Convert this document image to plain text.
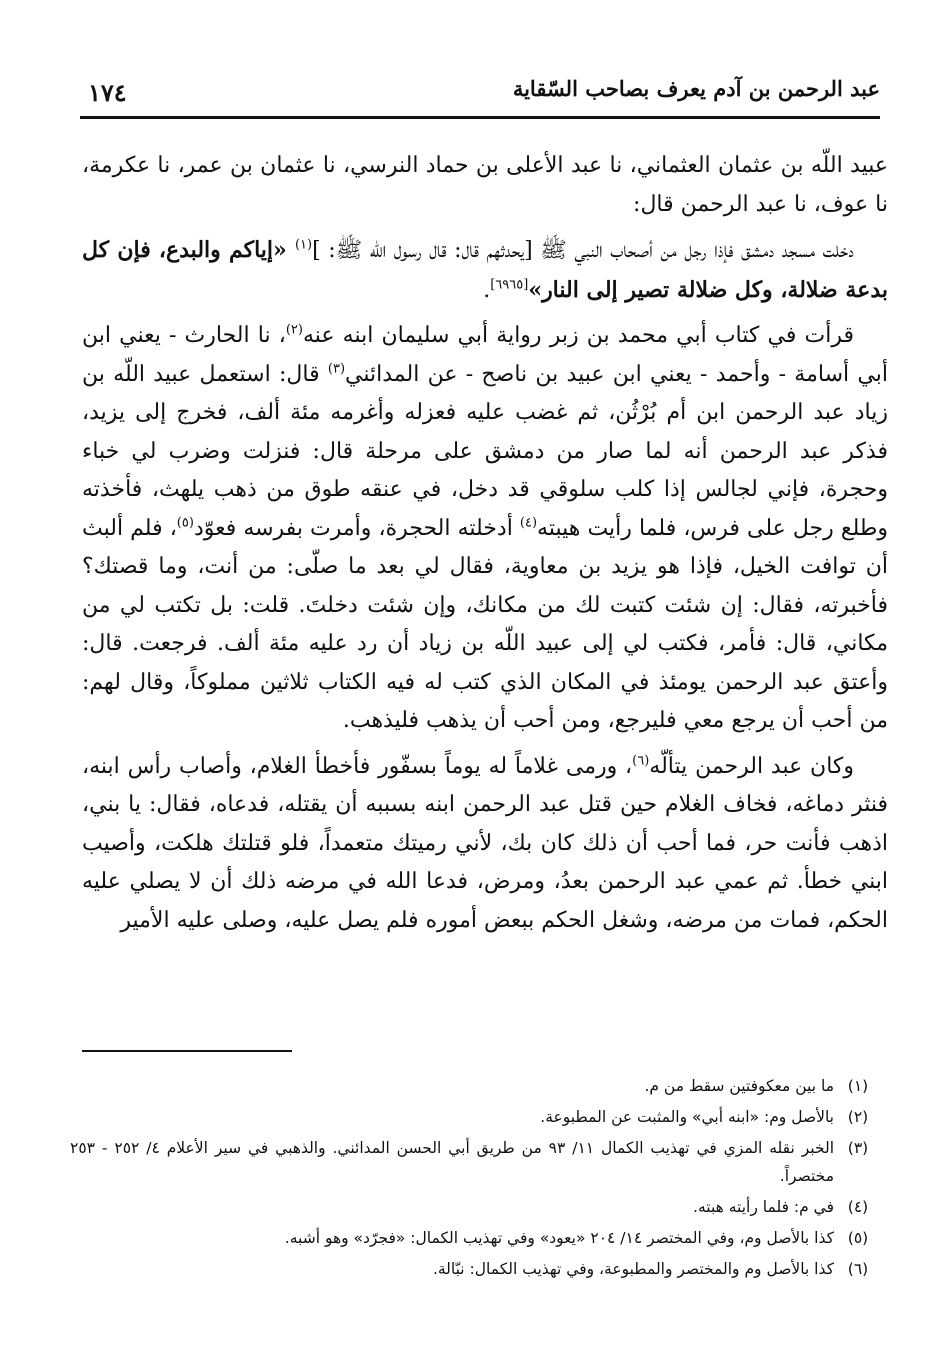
عبد الرحمن بن آدم يعرف بصاحب السّقاية
١٧٤

عبيد اللّه بن عثمان العثماني، نا عبد الأعلى بن حماد النرسي، نا عثمان بن عمر، نا عكرمة، نا عوف، نا عبد الرحمن قال:

دخلت مسجد دمشق فإذا رجل من أصحاب النبي ﷺ [يحدثهم قال: قال رسول الله ﷺ: ]$^{(١)}$ «إياكم والبدع، فإن كل بدعة ضلالة، وكل ضلالة تصير إلى النار»[٦٩٦٥].

قرأت في كتاب أبي محمد بن زبر رواية أبي سليمان ابنه عنه$^{(٢)}$، نا الحارث - يعني ابن أبي أسامة - وأحمد - يعني ابن عبيد بن ناصح - عن المدائني$^{(٣)}$ قال: استعمل عبيد اللّه بن زياد عبد الرحمن ابن أم بُرْثُن، ثم غضب عليه فعزله وأغرمه مئة ألف، فخرج إلى يزيد، فذكر عبد الرحمن أنه لما صار من دمشق على مرحلة قال: فنزلت وضرب لي خباء وحجرة، فإني لجالس إذا كلب سلوقي قد دخل، في عنقه طوق من ذهب يلهث، فأخذته وطلع رجل على فرس، فلما رأيت هيبته$^{(٤)}$ أدخلته الحجرة، وأمرت بفرسه فعوّد$^{(٥)}$، فلم ألبث أن توافت الخيل، فإذا هو يزيد بن معاوية، فقال لي بعد ما صلّى: من أنت، وما قصتك؟ فأخبرته، فقال: إن شئت كتبت لك من مكانك، وإن شئت دخلتَ. قلت: بل تكتب لي من مكاني، قال: فأمر، فكتب لي إلى عبيد اللّه بن زياد أن رد عليه مئة ألف. فرجعت. قال: وأعتق عبد الرحمن يومئذ في المكان الذي كتب له فيه الكتاب ثلاثين مملوكاً، وقال لهم: من أحب أن يرجع معي فليرجع، ومن أحب أن يذهب فليذهب.

وكان عبد الرحمن يتألّه$^{(٦)}$، ورمى غلاماً له يوماً بسفّور فأخطأ الغلام، وأصاب رأس ابنه، فنثر دماغه، فخاف الغلام حين قتل عبد الرحمن ابنه بسببه أن يقتله، فدعاه، فقال: يا بني، اذهب فأنت حر، فما أحب أن ذلك كان بك، لأني رميتك متعمداً، فلو قتلتك هلكت، وأصيب ابني خطأ. ثم عمي عبد الرحمن بعدُ، ومرض، فدعا الله في مرضه ذلك أن لا يصلي عليه الحكم، فمات من مرضه، وشغل الحكم ببعض أموره فلم يصل عليه، وصلى عليه الأمير

(١)
ما بين معكوفتين سقط من م.
(٢)
بالأصل وم: «ابنه أبي» والمثبت عن المطبوعة.
(٣)
الخبر نقله المزي في تهذيب الكمال ١١/ ٩٣ من طريق أبي الحسن المدائني. والذهبي في سير الأعلام ٤/ ٢٥٢ - ٢٥٣ مختصراً.
(٤)
في م: فلما رأيته هبته.
(٥)
كذا بالأصل وم، وفي المختصر ١٤/ ٢٠٤ «يعود» وفي تهذيب الكمال: «فجرّد» وهو أشبه.
(٦)
كذا بالأصل وم والمختصر والمطبوعة، وفي تهذيب الكمال: نبّالة.
